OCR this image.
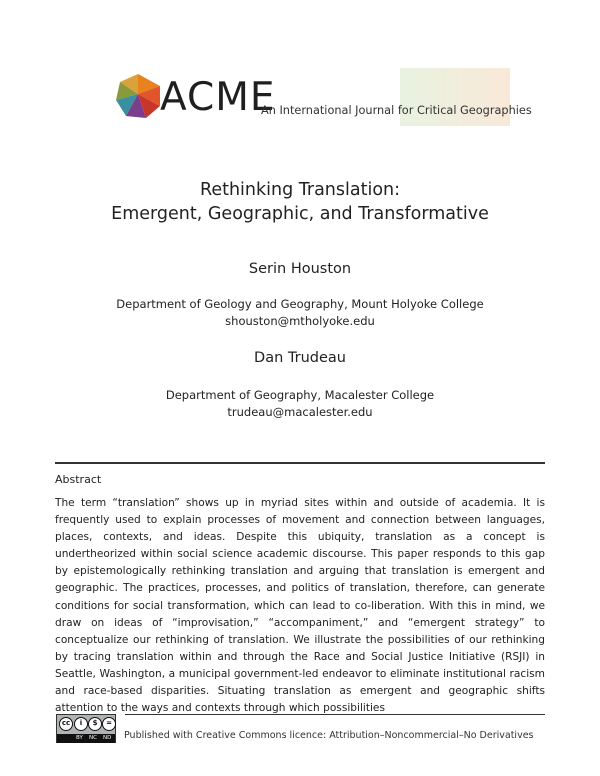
ACME
An International Journal for Critical Geographies
Rethinking Translation:
Emergent, Geographic, and Transformative
Serin Houston
Department of Geology and Geography, Mount Holyoke College
shouston@mtholyoke.edu
Dan Trudeau
Department of Geography, Macalester College
trudeau@macalester.edu
Abstract

The term “translation” shows up in myriad sites within and outside of academia. It is frequently used to explain processes of movement and connection between languages, places, contexts, and ideas. Despite this ubiquity, translation as a concept is undertheorized within social science academic discourse. This paper responds to this gap by epistemologically rethinking translation and arguing that translation is emergent and geographic. The practices, processes, and politics of translation, therefore, can generate conditions for social transformation, which can lead to co-liberation. With this in mind, we draw on ideas of “improvisation,” “accompaniment,” and “emergent strategy” to conceptualize our rethinking of translation. We illustrate the possibilities of our rethinking by tracing translation within and through the Race and Social Justice Initiative (RSJI) in Seattle, Washington, a municipal government-led endeavor to eliminate institutional racism and race-based disparities. Situating translation as emergent and geographic shifts attention to the ways and contexts through which possibilities

cc	i	$	=
BY NC ND Published with Creative Commons licence: Attribution–Noncommercial–No Derivatives
